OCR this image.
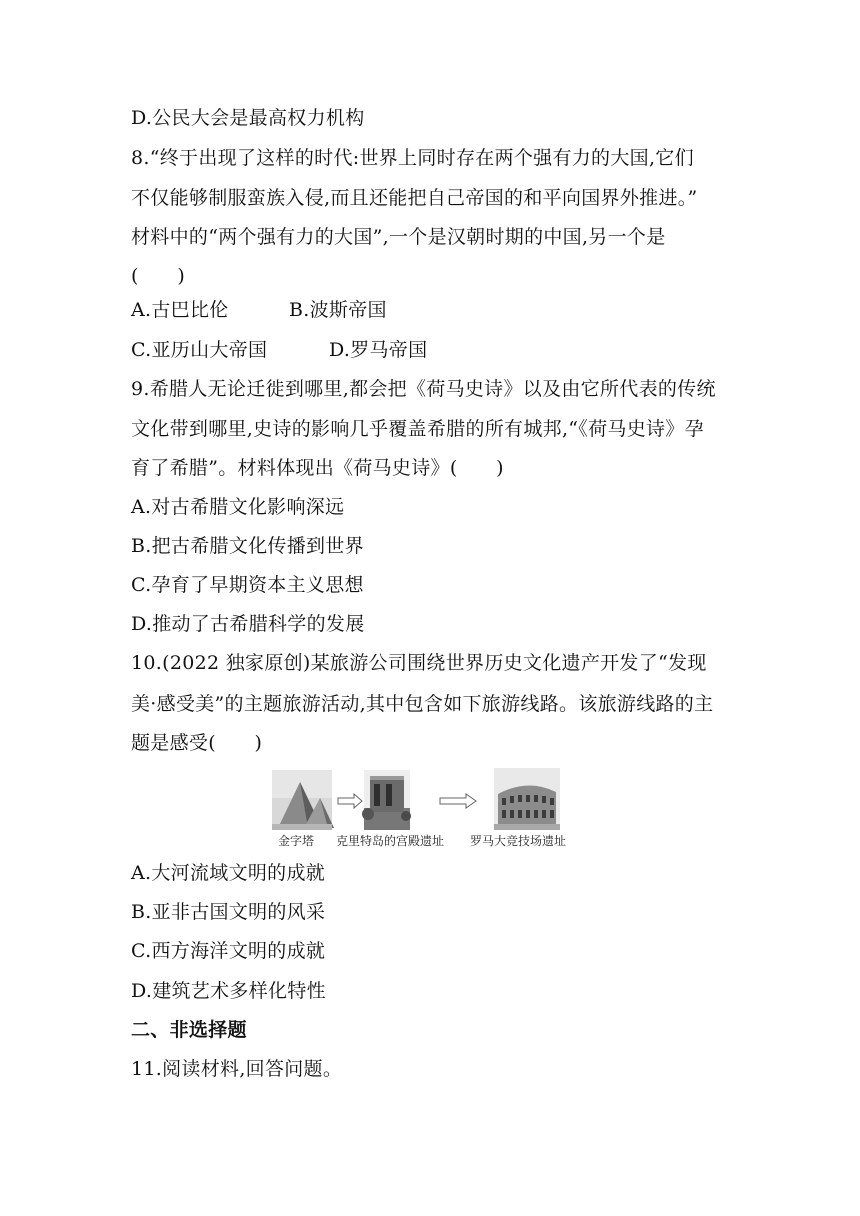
D.公民大会是最高权力机构
8.“终于出现了这样的时代:世界上同时存在两个强有力的大国,它们
不仅能够制服蛮族入侵,而且还能把自己帝国的和平向国界外推进。”
材料中的“两个强有力的大国”,一个是汉朝时期的中国,另一个是
(　　)
A.古巴比伦	B.波斯帝国
C.亚历山大帝国	D.罗马帝国
9.希腊人无论迁徙到哪里,都会把《荷马史诗》以及由它所代表的传统
文化带到哪里,史诗的影响几乎覆盖希腊的所有城邦,“《荷马史诗》孕
育了希腊”。材料体现出《荷马史诗》(　　)
A.对古希腊文化影响深远
B.把古希腊文化传播到世界
C.孕育了早期资本主义思想
D.推动了古希腊科学的发展
10.(2022 独家原创)某旅游公司围绕世界历史文化遗产开发了“发现
美·感受美”的主题旅游活动,其中包含如下旅游线路。该旅游线路的主
题是感受(　　)
金字塔 克里特岛的宫殿遗址 罗马大竞技场遗址
A.大河流域文明的成就
B.亚非古国文明的风采
C.西方海洋文明的成就
D.建筑艺术多样化特性
二、非选择题
11.阅读材料,回答问题。
